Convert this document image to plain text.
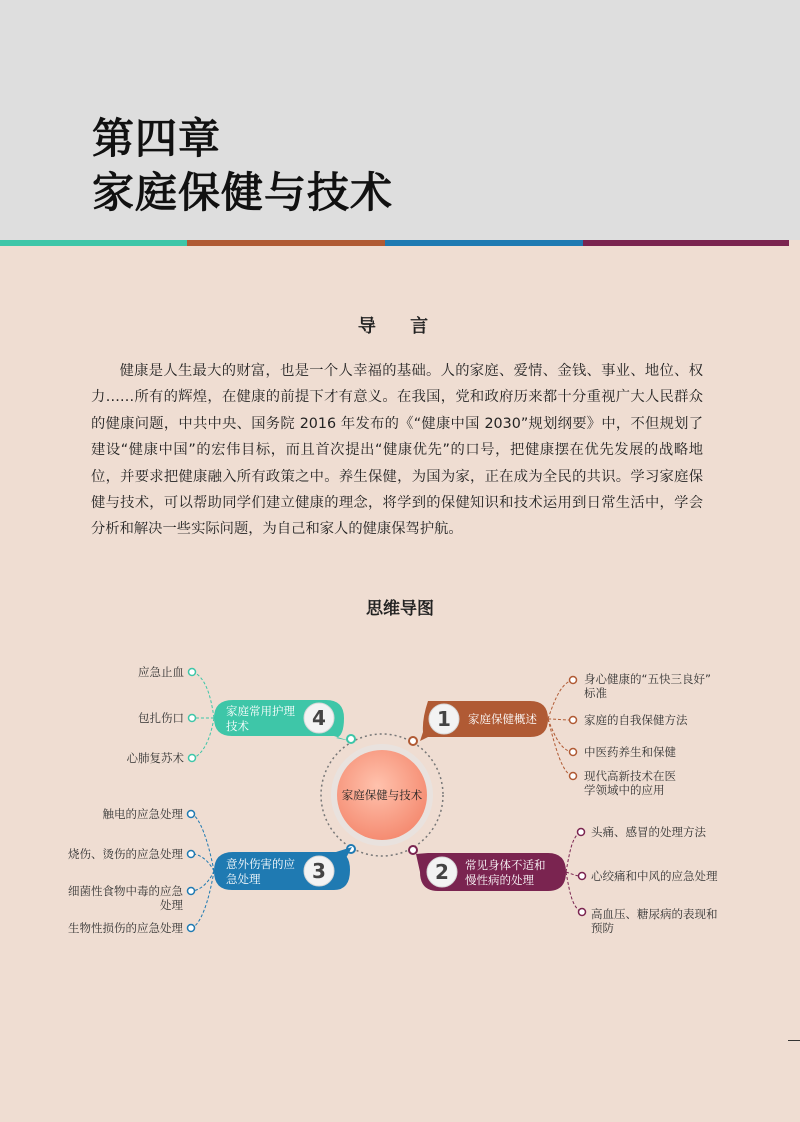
第四章
家庭保健与技术
导 言

健康是人生最大的财富，也是一个人幸福的基础。人的家庭、爱情、金钱、事业、地位、权力……所有的辉煌，在健康的前提下才有意义。在我国，党和政府历来都十分重视广大人民群众的健康问题，中共中央、国务院 2016 年发布的《“健康中国 2030”规划纲要》中，不但规划了建设“健康中国”的宏伟目标，而且首次提出“健康优先”的口号，把健康摆在优先发展的战略地位，并要求把健康融入所有政策之中。养生保健，为国为家，正在成为全民的共识。学习家庭保健与技术，可以帮助同学们建立健康的理念，将学到的保健知识和技术运用到日常生活中，学会分析和解决一些实际问题，为自己和家人的健康保驾护航。

思维导图
家庭保健与技术
1 家庭保健概述
身心健康的“五快三良好”
标准
家庭的自我保健方法
中医药养生和保健
现代高新技术在医
学领域中的应用
2 常见身体不适和
慢性病的处理
头痛、感冒的处理方法
心绞痛和中风的应急处理
高血压、糖尿病的表现和
预防
3
意外伤害的应
急处理
触电的应急处理
烧伤、烫伤的应急处理
细菌性食物中毒的应急
处理
生物性损伤的应急处理
4
家庭常用护理
技术
应急止血
包扎伤口
心肺复苏术
